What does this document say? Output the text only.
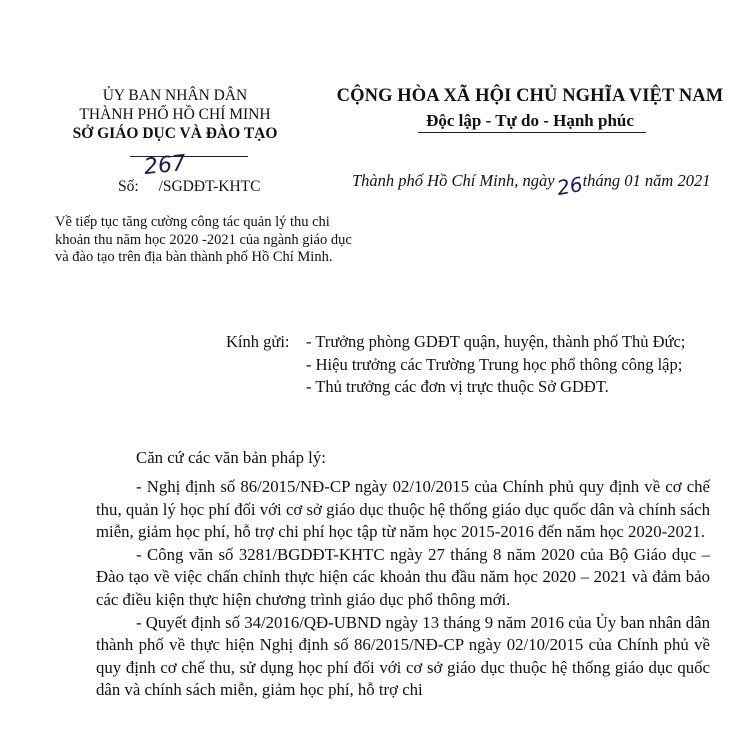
ỦY BAN NHÂN DÂN
THÀNH PHỐ HỒ CHÍ MINH
SỞ GIÁO DỤC VÀ ĐÀO TẠO
CỘNG HÒA XÃ HỘI CHỦ NGHĨA VIỆT NAM
Độc lập - Tự do - Hạnh phúc
Số:
267
/SGDĐT-KHTC	Thành phố Hồ Chí Minh, ngày 26
tháng 01 năm 2021
Về tiếp tục tăng cường công tác quản lý thu chi khoản thu năm học 2020 -2021 của ngành giáo dục và đào tạo trên địa bàn thành phố Hồ Chí Minh.
Kính gửi:	- Trưởng phòng GDĐT quận, huyện, thành phố Thủ Đức;
- Hiệu trưởng các Trường Trung học phổ thông công lập;
- Thủ trưởng các đơn vị trực thuộc Sở GDĐT.

Căn cứ các văn bản pháp lý:

- Nghị định số 86/2015/NĐ-CP ngày 02/10/2015 của Chính phủ quy định về cơ chế thu, quản lý học phí đối với cơ sở giáo dục thuộc hệ thống giáo dục quốc dân và chính sách miễn, giảm học phí, hỗ trợ chi phí học tập từ năm học 2015-2016 đến năm học 2020-2021.

- Công văn số 3281/BGDĐT-KHTC ngày 27 tháng 8 năm 2020 của Bộ Giáo dục – Đào tạo về việc chấn chỉnh thực hiện các khoản thu đầu năm học 2020 – 2021 và đảm bảo các điều kiện thực hiện chương trình giáo dục phổ thông mới.

- Quyết định số 34/2016/QĐ-UBND ngày 13 tháng 9 năm 2016 của Ủy ban nhân dân thành phố về thực hiện Nghị định số 86/2015/NĐ-CP ngày 02/10/2015 của Chính phủ về quy định cơ chế thu, sử dụng học phí đối với cơ sở giáo dục thuộc hệ thống giáo dục quốc dân và chính sách miễn, giảm học phí, hỗ trợ chi
